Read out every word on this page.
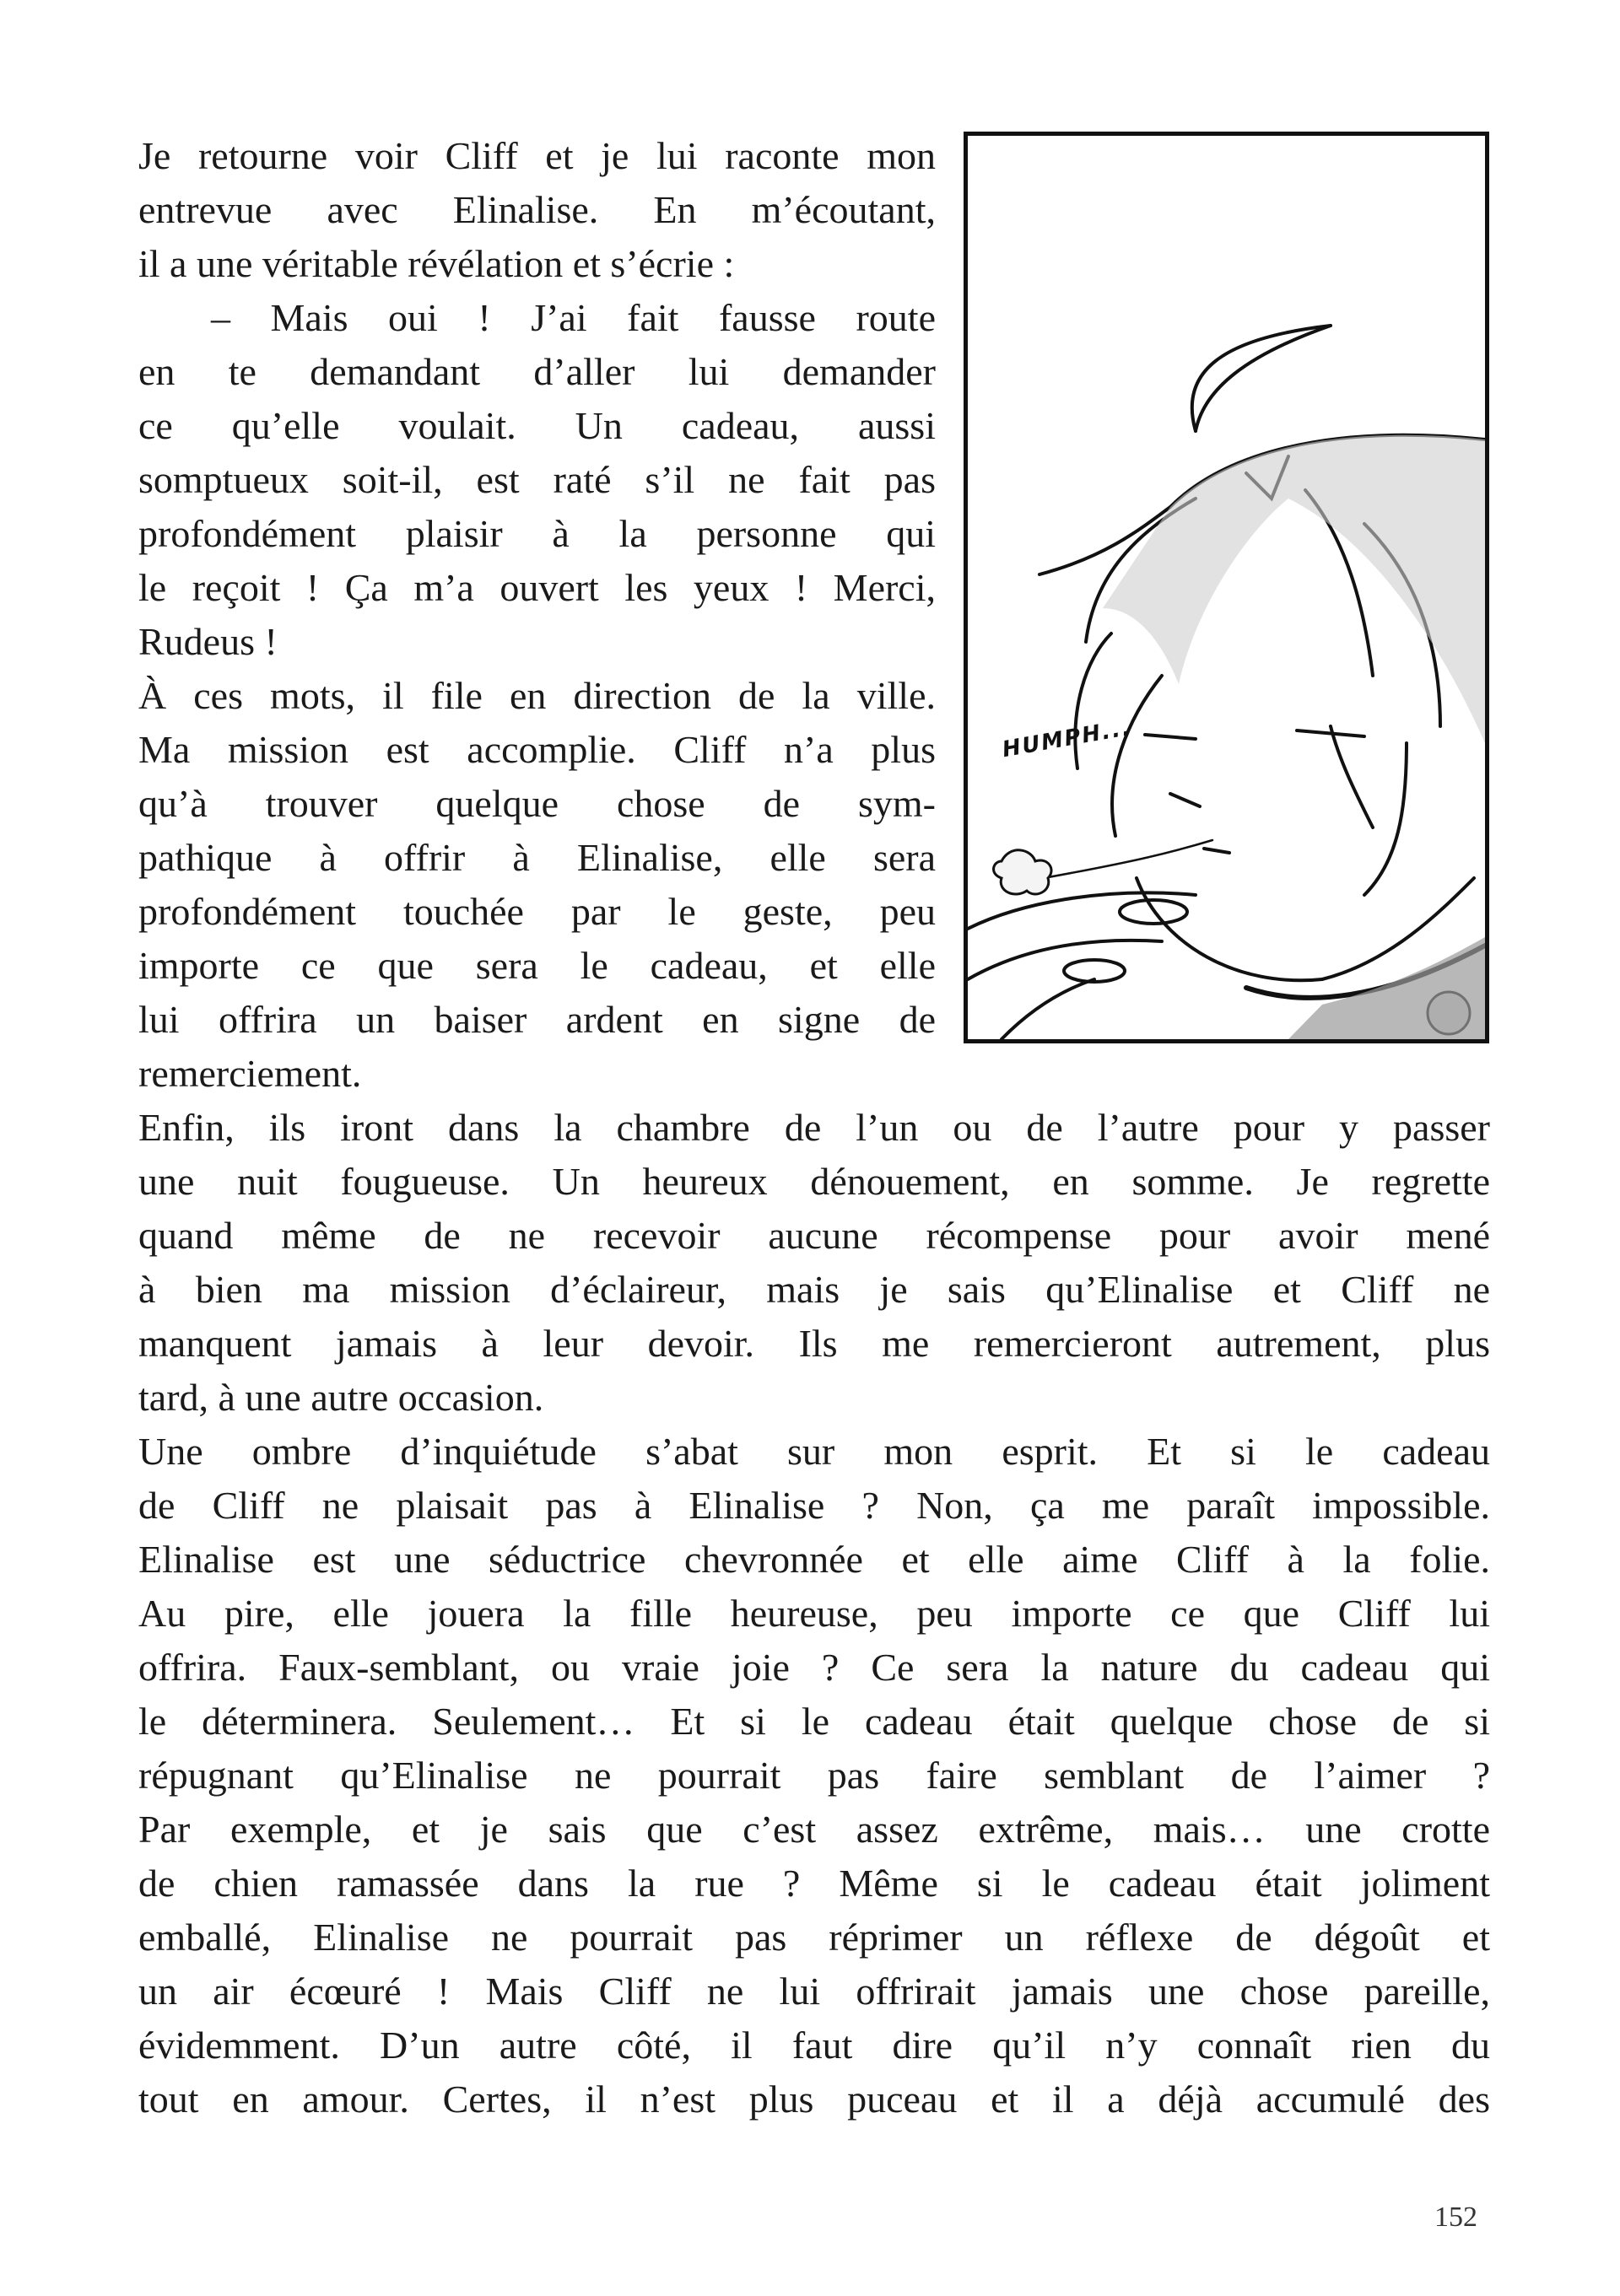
Je retourne voir Cliff et je lui raconte mon
entrevue avec Elinalise. En m’écoutant,
il a une véritable révélation et s’écrie :
– Mais oui ! J’ai fait fausse route
en te demandant d’aller lui demander
ce qu’elle voulait. Un cadeau, aussi
somptueux soit-il, est raté s’il ne fait pas
profondément plaisir à la personne qui
le reçoit ! Ça m’a ouvert les yeux ! Merci,
Rudeus !
À ces mots, il file en direction de la ville.
Ma mission est accomplie. Cliff n’a plus
qu’à trouver quelque chose de sym-
pathique à offrir à Elinalise, elle sera
profondément touchée par le geste, peu
importe ce que sera le cadeau, et elle
lui offrira un baiser ardent en signe de
remerciement.
HUMPH...
Enfin, ils iront dans la chambre de l’un ou de l’autre pour y passer
une nuit fougueuse. Un heureux dénouement, en somme. Je regrette
quand même de ne recevoir aucune récompense pour avoir mené
à bien ma mission d’éclaireur, mais je sais qu’Elinalise et Cliff ne
manquent jamais à leur devoir. Ils me remercieront autrement, plus
tard, à une autre occasion.
Une ombre d’inquiétude s’abat sur mon esprit. Et si le cadeau
de Cliff ne plaisait pas à Elinalise ? Non, ça me paraît impossible.
Elinalise est une séductrice chevronnée et elle aime Cliff à la folie.
Au pire, elle jouera la fille heureuse, peu importe ce que Cliff lui
offrira. Faux-semblant, ou vraie joie ? Ce sera la nature du cadeau qui
le déterminera. Seulement… Et si le cadeau était quelque chose de si
répugnant qu’Elinalise ne pourrait pas faire semblant de l’aimer ?
Par exemple, et je sais que c’est assez extrême, mais… une crotte
de chien ramassée dans la rue ? Même si le cadeau était joliment
emballé, Elinalise ne pourrait pas réprimer un réflexe de dégoût et
un air écœuré ! Mais Cliff ne lui offrirait jamais une chose pareille,
évidemment. D’un autre côté, il faut dire qu’il n’y connaît rien du
tout en amour. Certes, il n’est plus puceau et il a déjà accumulé des
152
